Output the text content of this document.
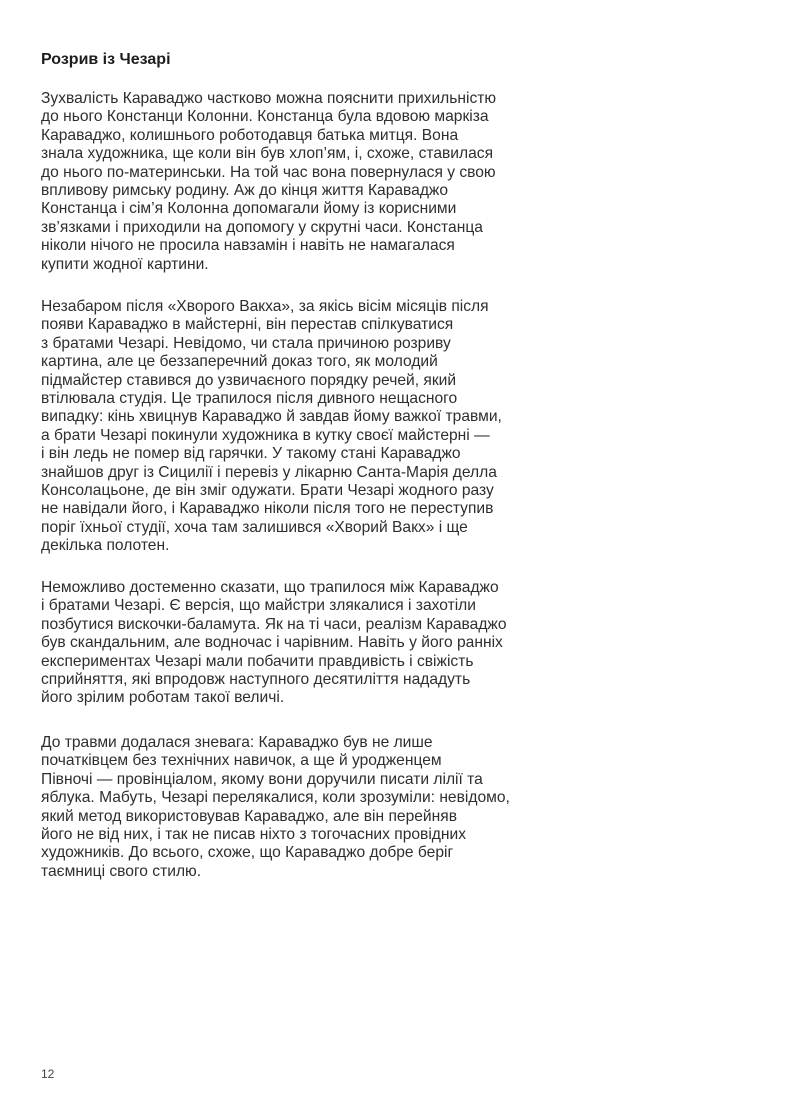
Розрив із Чезарі

Зухвалість Караваджо частково можна пояснити прихильністю
до нього Констанци Колонни. Констанца була вдовою маркіза
Караваджо, колишнього роботодавця батька митця. Вона
знала художника, ще коли він був хлоп’ям, і, схоже, ставилася
до нього по-материнськи. На той час вона повернулася у свою
впливову римську родину. Аж до кінця життя Караваджо
Констанца і сім’я Колонна допомагали йому із корисними
зв’язками і приходили на допомогу у скрутні часи. Констанца
ніколи нічого не просила навзамін і навіть не намагалася
купити жодної картини.

Незабаром після «Хворого Вакха», за якісь вісім місяців після
появи Караваджо в майстерні, він перестав спілкуватися
з братами Чезарі. Невідомо, чи стала причиною розриву
картина, але це беззаперечний доказ того, як молодий
підмайстер ставився до узвичаєного порядку речей, який
втілювала студія. Це трапилося після дивного нещасного
випадку: кінь хвицнув Караваджо й завдав йому важкої травми,
а брати Чезарі покинули художника в кутку своєї майстерні —
і він ледь не помер від гарячки. У такому стані Караваджо
знайшов друг із Сицилії і перевіз у лікарню Санта-Марія делла
Консолацьоне, де він зміг одужати. Брати Чезарі жодного разу
не навідали його, і Караваджо ніколи після того не переступив
поріг їхньої студії, хоча там залишився «Хворий Вакх» і ще
декілька полотен.

Неможливо достеменно сказати, що трапилося між Караваджо
і братами Чезарі. Є версія, що майстри злякалися і захотіли
позбутися вискочки-баламута. Як на ті часи, реалізм Караваджо
був скандальним, але водночас і чарівним. Навіть у його ранніх
експериментах Чезарі мали побачити правдивість і свіжість
сприйняття, які впродовж наступного десятиліття нададуть
його зрілим роботам такої величі.

До травми додалася зневага: Караваджо був не лише
початківцем без технічних навичок, а ще й уродженцем
Півночі — провінціалом, якому вони доручили писати лілії та
яблука. Мабуть, Чезарі перелякалися, коли зрозуміли: невідомо,
який метод використовував Караваджо, але він перейняв
його не від них, і так не писав ніхто з тогочасних провідних
художників. До всього, схоже, що Караваджо добре беріг
таємниці свого стилю.

12
